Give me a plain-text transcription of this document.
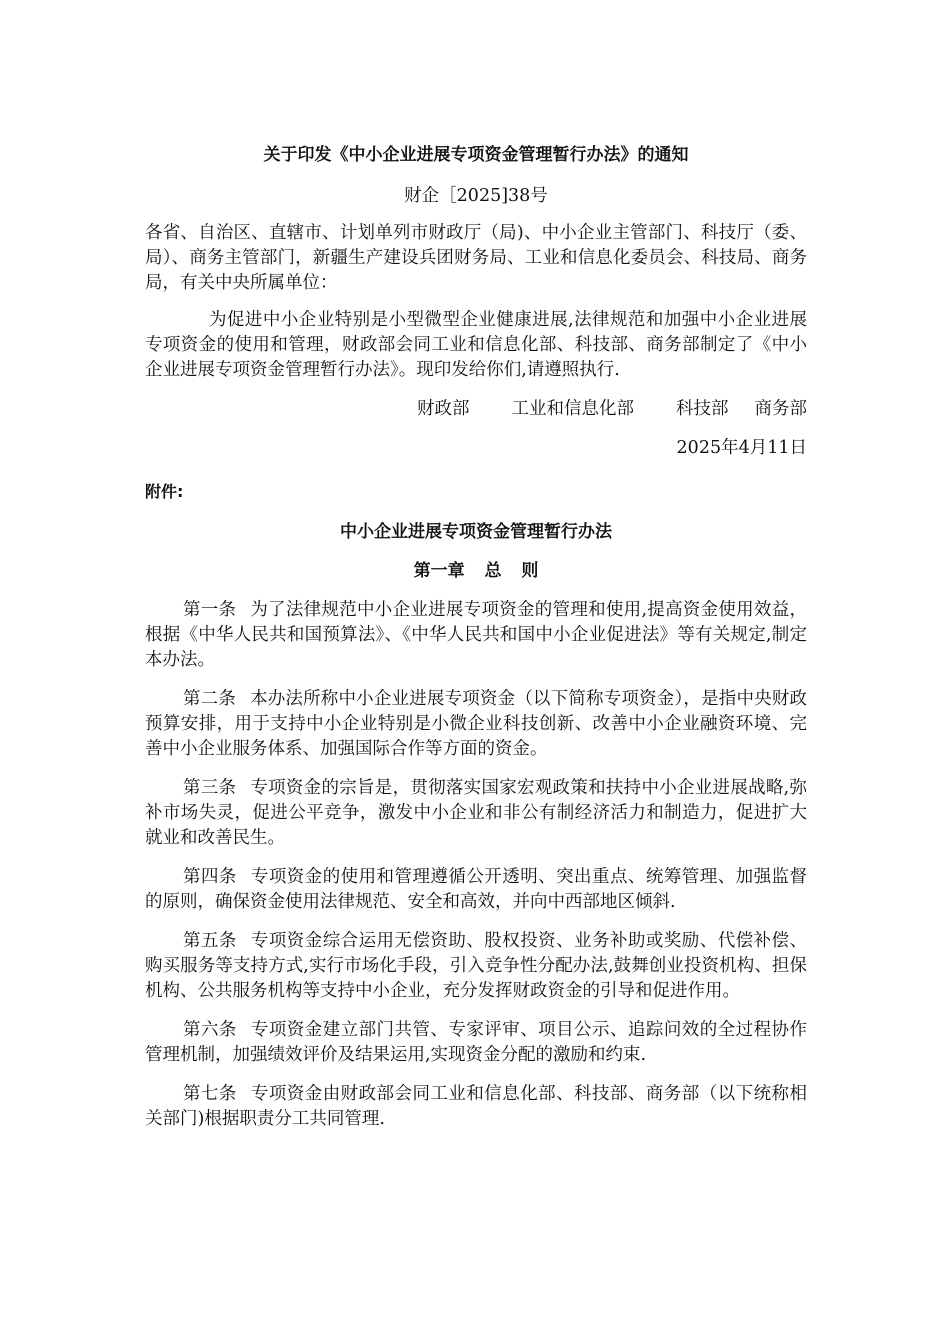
关于印发《中小企业进展专项资金管理暂行办法》的通知
财企［2025]38号

各省、自治区、直辖市、计划单列市财政厅（局)、中小企业主管部门、科技厅（委、局）、商务主管部门，新疆生产建设兵团财务局、工业和信息化委员会、科技局、商务局，有关中央所属单位：

为促进中小企业特别是小型微型企业健康进展,法律规范和加强中小企业进展专项资金的使用和管理，财政部会同工业和信息化部、科技部、商务部制定了《中小企业进展专项资金管理暂行办法》。现印发给你们,请遵照执行.

财政部 工业和信息化部 科技部 商务部
2025年4月11日
附件:
中小企业进展专项资金管理暂行办法
第一章 总 则

第一条 为了法律规范中小企业进展专项资金的管理和使用,提高资金使用效益，根据《中华人民共和国预算法》、《中华人民共和国中小企业促进法》等有关规定,制定本办法。

第二条 本办法所称中小企业进展专项资金（以下简称专项资金），是指中央财政预算安排，用于支持中小企业特别是小微企业科技创新、改善中小企业融资环境、完善中小企业服务体系、加强国际合作等方面的资金。

第三条 专项资金的宗旨是，贯彻落实国家宏观政策和扶持中小企业进展战略,弥补市场失灵，促进公平竞争，激发中小企业和非公有制经济活力和制造力，促进扩大就业和改善民生。

第四条 专项资金的使用和管理遵循公开透明、突出重点、统筹管理、加强监督的原则，确保资金使用法律规范、安全和高效，并向中西部地区倾斜.

第五条 专项资金综合运用无偿资助、股权投资、业务补助或奖励、代偿补偿、购买服务等支持方式,实行市场化手段，引入竞争性分配办法,鼓舞创业投资机构、担保机构、公共服务机构等支持中小企业，充分发挥财政资金的引导和促进作用。

第六条 专项资金建立部门共管、专家评审、项目公示、追踪问效的全过程协作管理机制，加强绩效评价及结果运用,实现资金分配的激励和约束.

第七条 专项资金由财政部会同工业和信息化部、科技部、商务部（以下统称相关部门)根据职责分工共同管理.
